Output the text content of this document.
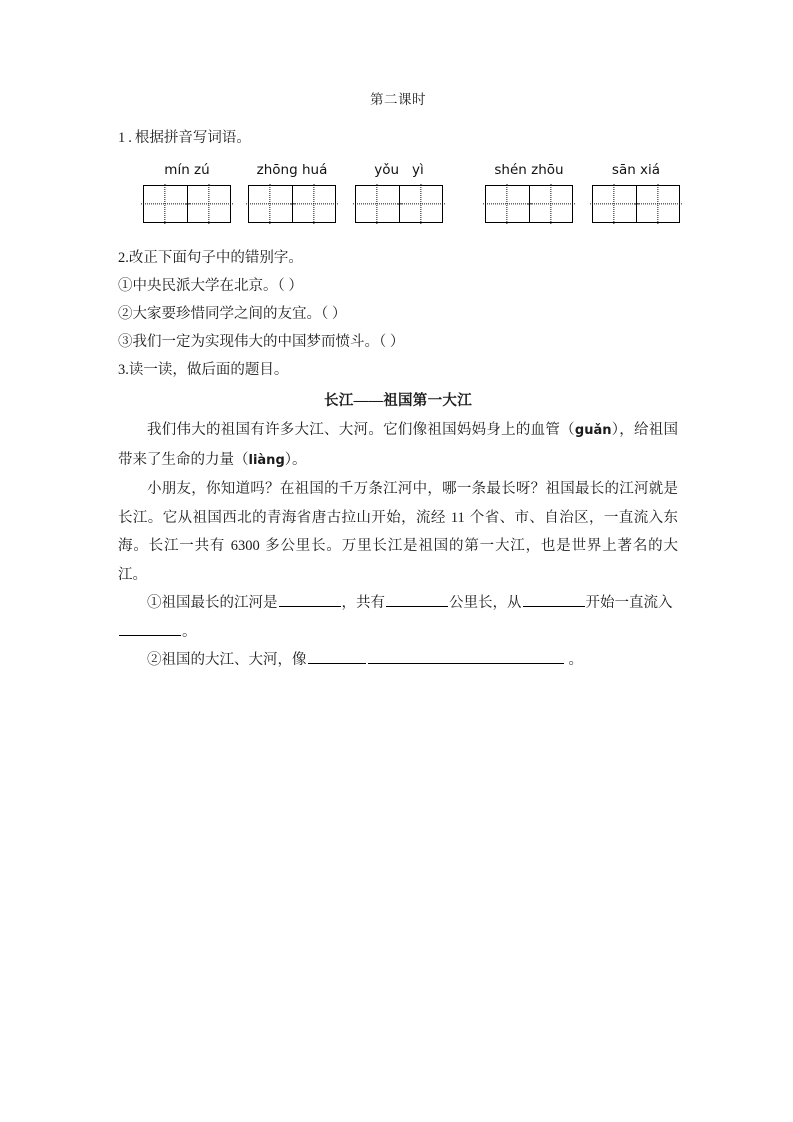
第二课时

1.根据拼音写词语。

mín zú	zhōng huá	yǒu   yì	shén zhōu	sān xiá

2.改正下面句子中的错别字。

①中央民派大学在北京。（ ）

②大家要珍惜同学之间的友宜。（ ）

③我们一定为实现伟大的中国梦而愤斗。（ ）

3.读一读，做后面的题目。

长江——祖国第一大江

我们伟大的祖国有许多大江、大河。它们像祖国妈妈身上的血管（guǎn），给祖国带来了生命的力量（liàng）。

小朋友，你知道吗？在祖国的千万条江河中，哪一条最长呀？祖国最长的江河就是长江。它从祖国西北的青海省唐古拉山开始，流经 11 个省、市、自治区，一直流入东海。长江一共有 6300 多公里长。万里长江是祖国的第一大江，也是世界上著名的大江。

①祖国最长的江河是	，共有	公里长，从	开始一直流入。

②祖国的大江、大河，像	。
